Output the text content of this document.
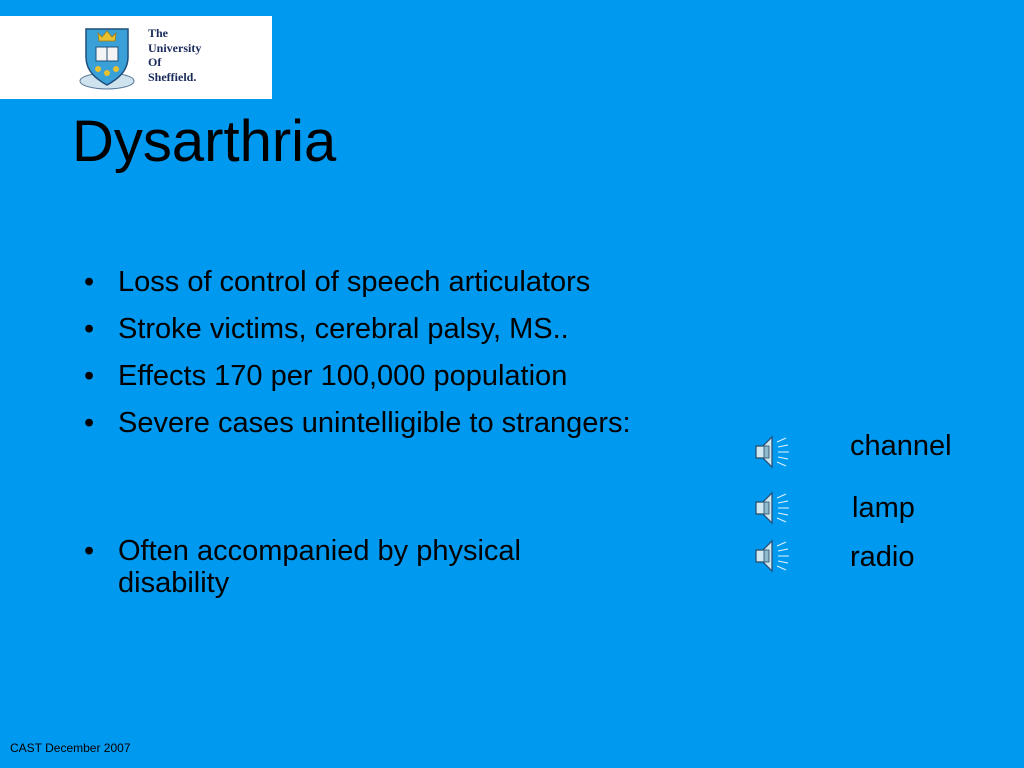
The
University
Of
Sheffield.
Dysarthria
• Loss of control of speech articulators
• Stroke victims, cerebral palsy, MS..
• Effects 170 per 100,000 population
• Severe cases unintelligible to strangers:
• Often accompanied by physical disability
channel
lamp
radio
CAST December 2007
